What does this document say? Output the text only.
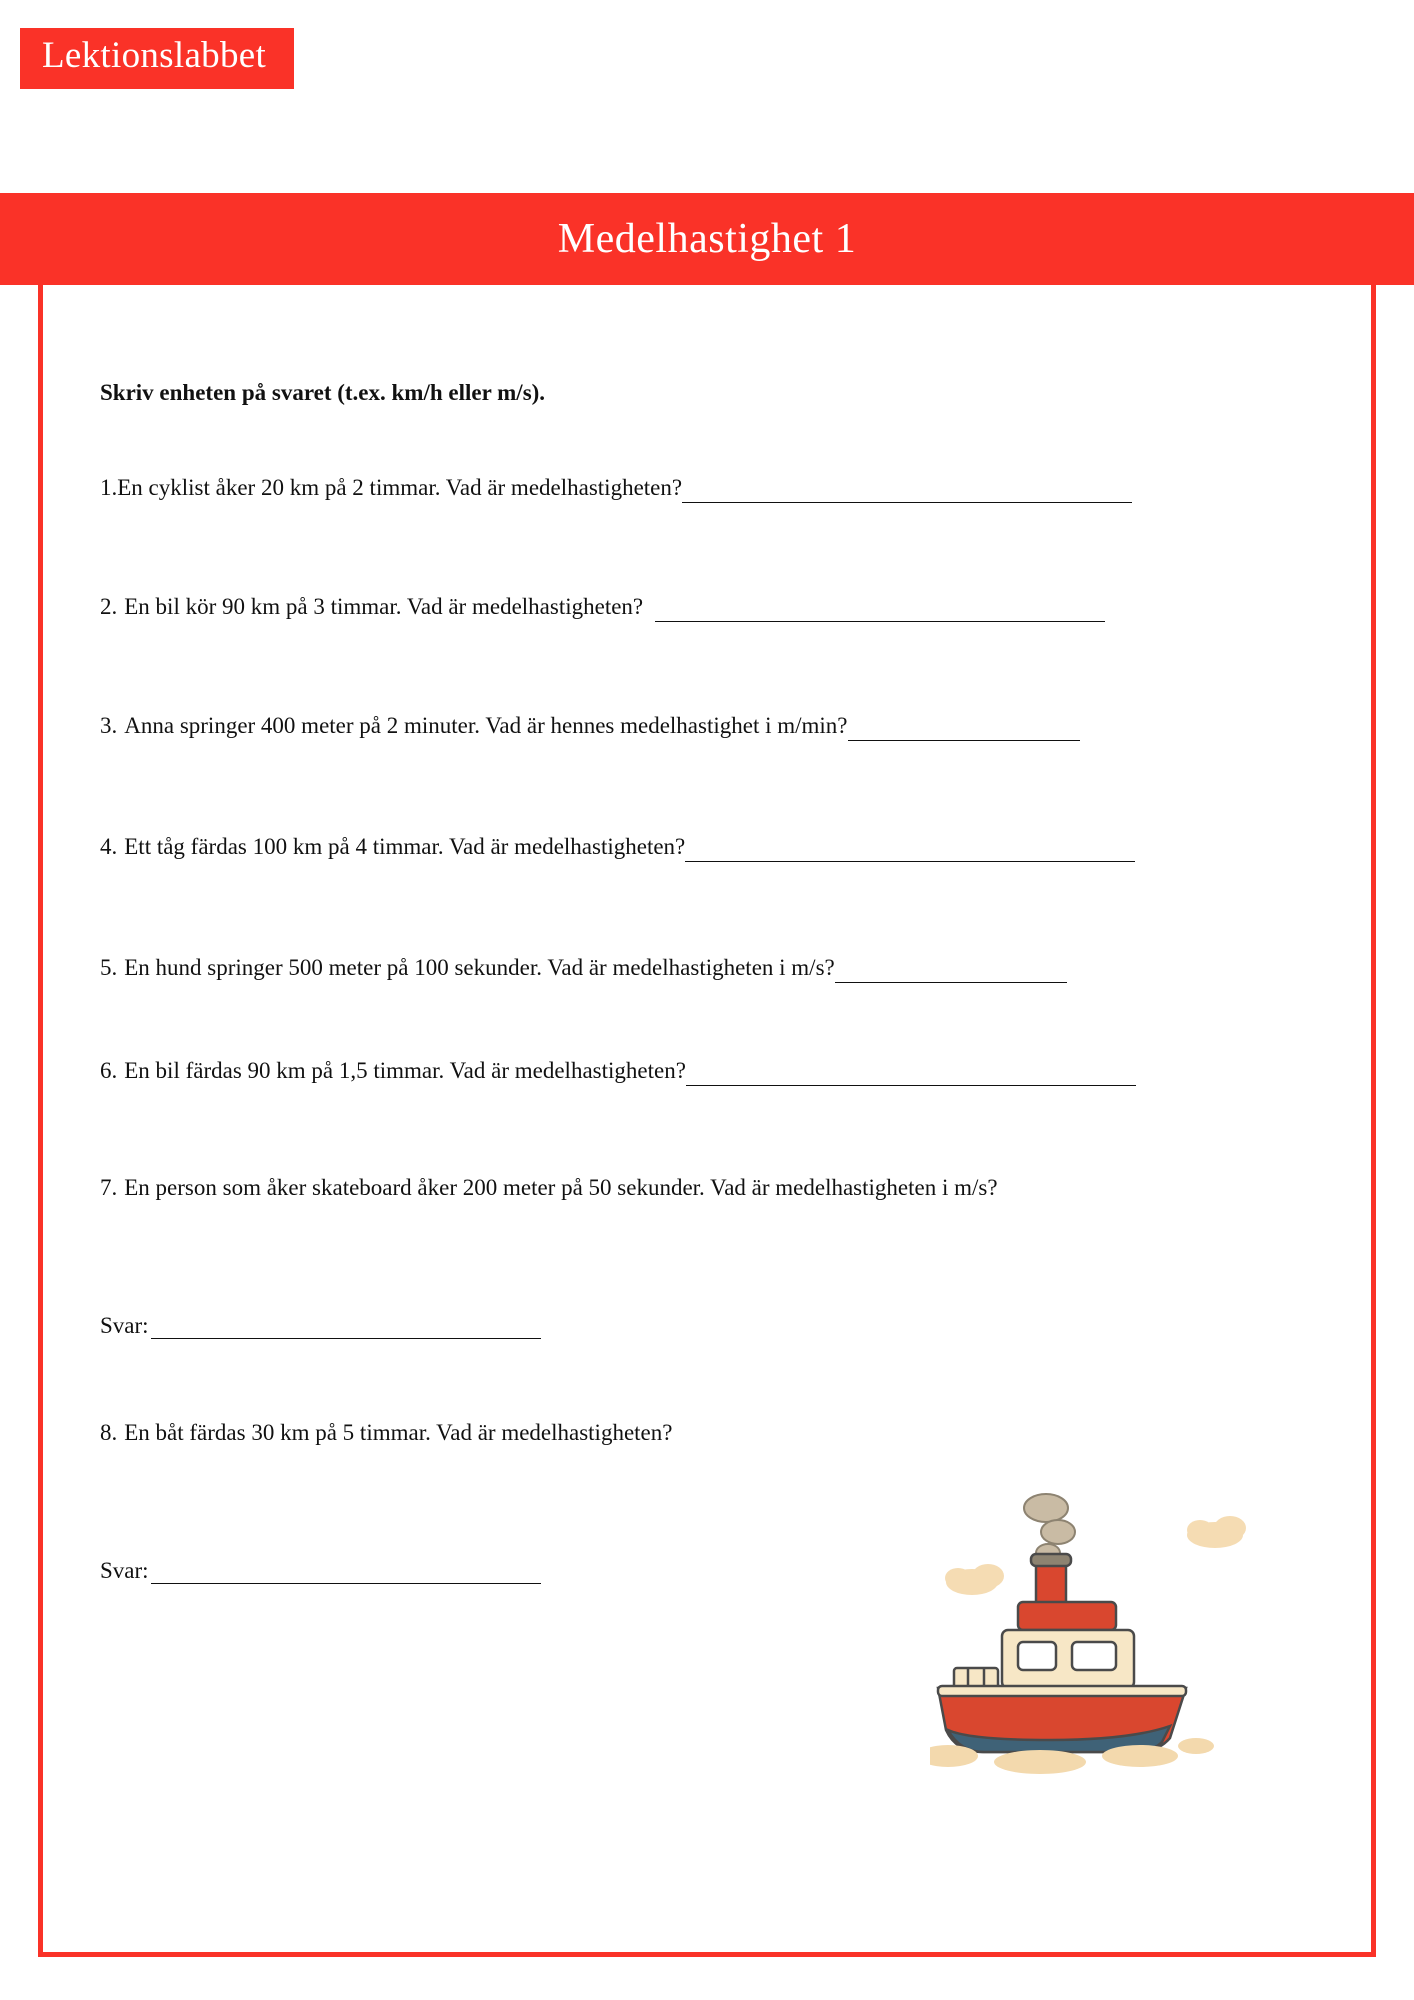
Lektionslabbet
Medelhastighet 1

Skriv enheten på svaret (t.ex. km/h eller m/s).

1. En cyklist åker 20 km på 2 timmar. Vad är medelhastigheten?
2. En bil kör 90 km på 3 timmar. Vad är medelhastigheten?
3. Anna springer 400 meter på 2 minuter. Vad är hennes medelhastighet i m/min?
4. Ett tåg färdas 100 km på 4 timmar. Vad är medelhastigheten?
5. En hund springer 500 meter på 100 sekunder. Vad är medelhastigheten i m/s?
6. En bil färdas 90 km på 1,5 timmar. Vad är medelhastigheten?
7. En person som åker skateboard åker 200 meter på 50 sekunder. Vad är medelhastigheten i m/s?
Svar:
8. En båt färdas 30 km på 5 timmar. Vad är medelhastigheten?
Svar:
